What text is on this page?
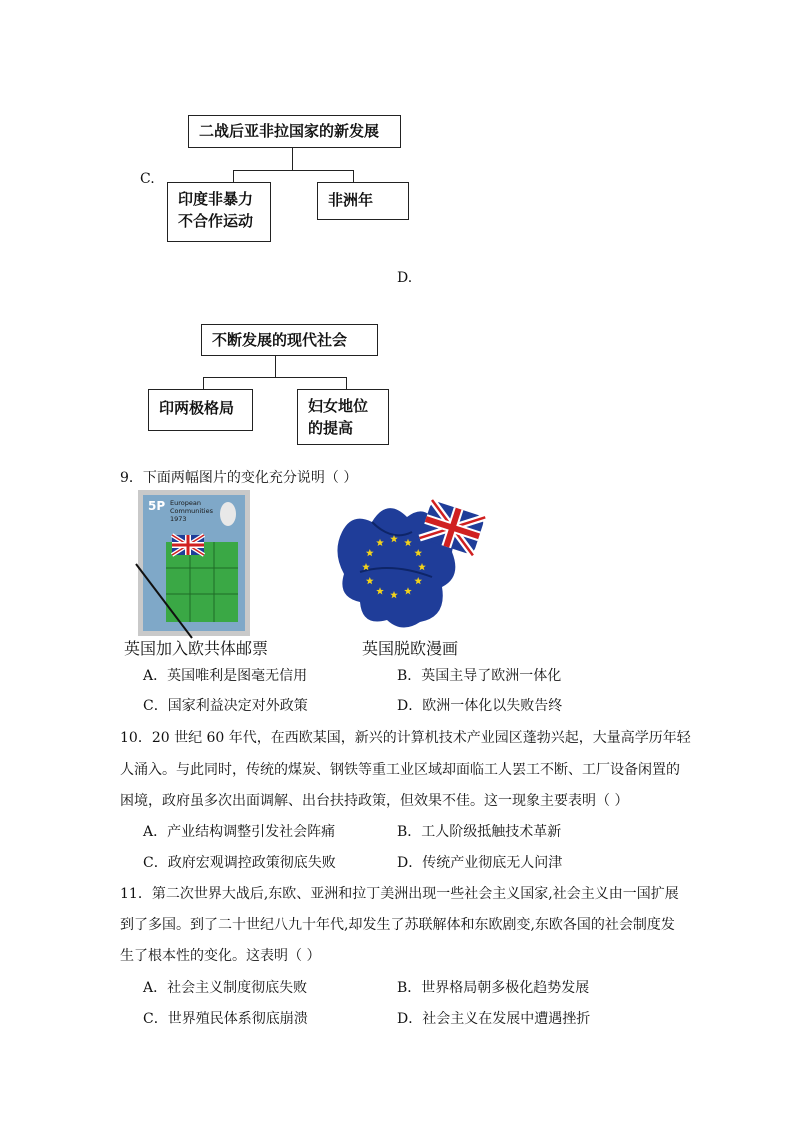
C.
二战后亚非拉国家的新发展
印度非暴力
不合作运动
非洲年
D.
不断发展的现代社会
印两极格局	妇女地位
的提高
9．下面两幅图片的变化充分说明（ ）
5P European
Communities
1973
英国加入欧共体邮票	英国脱欧漫画
A．英国唯利是图毫无信用	B．英国主导了欧洲一体化
C．国家利益决定对外政策	D．欧洲一体化以失败告终
10．20 世纪 60 年代，在西欧某国，新兴的计算机技术产业园区蓬勃兴起，大量高学历年轻
人涌入。与此同时，传统的煤炭、钢铁等重工业区域却面临工人罢工不断、工厂设备闲置的
困境，政府虽多次出面调解、出台扶持政策，但效果不佳。这一现象主要表明（ ）
A．产业结构调整引发社会阵痛	B．工人阶级抵触技术革新
C．政府宏观调控政策彻底失败	D．传统产业彻底无人问津
11．第二次世界大战后,东欧、亚洲和拉丁美洲出现一些社会主义国家,社会主义由一国扩展
到了多国。到了二十世纪八九十年代,却发生了苏联解体和东欧剧变,东欧各国的社会制度发
生了根本性的变化。这表明（ ）
A．社会主义制度彻底失败	B．世界格局朝多极化趋势发展
C．世界殖民体系彻底崩溃	D．社会主义在发展中遭遇挫折
